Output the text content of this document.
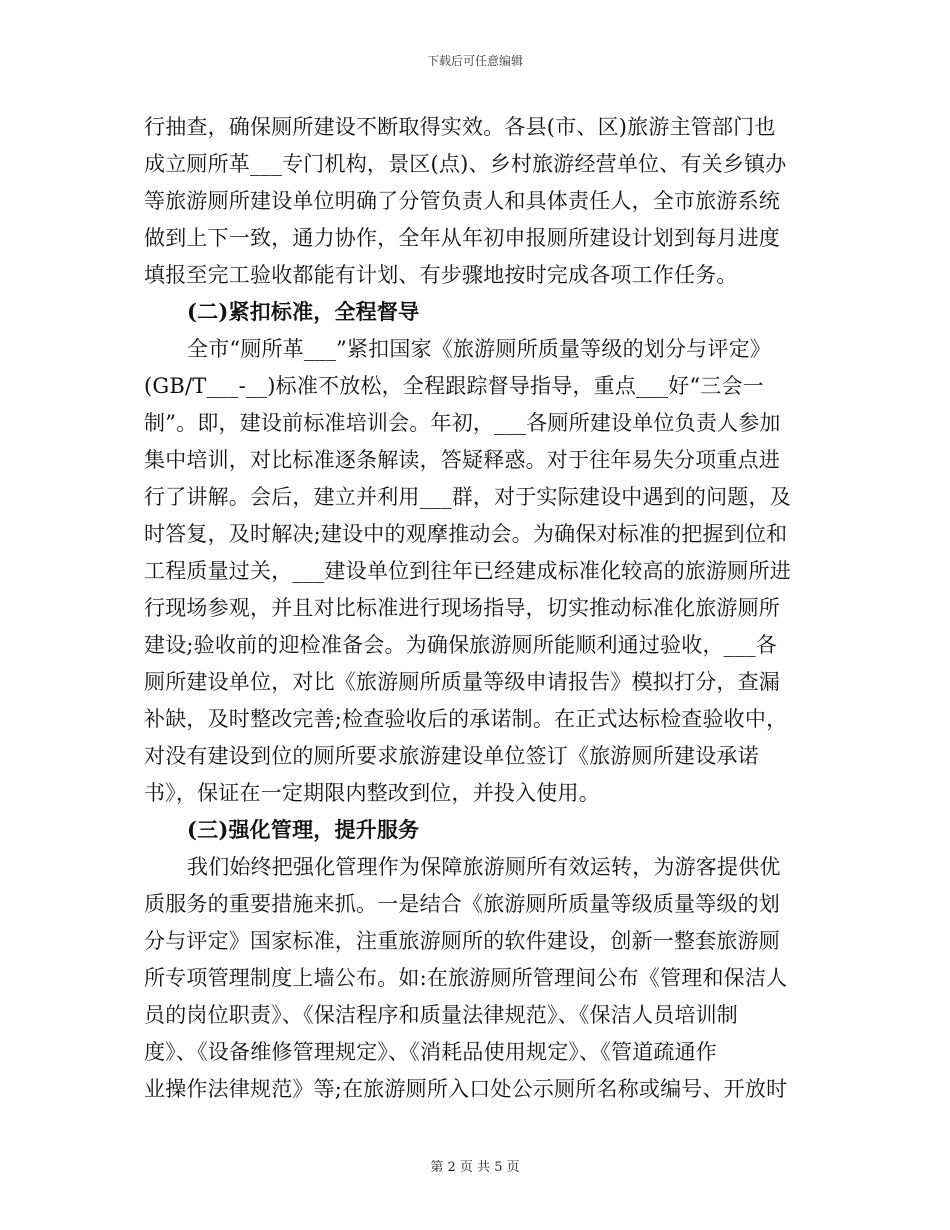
下载后可任意编辑
行抽查，确保厕所建设不断取得实效。各县(市、区)旅游主管部门也
成立厕所革___专门机构，景区(点)、乡村旅游经营单位、有关乡镇办
等旅游厕所建设单位明确了分管负责人和具体责任人，全市旅游系统
做到上下一致，通力协作，全年从年初申报厕所建设计划到每月进度
填报至完工验收都能有计划、有步骤地按时完成各项工作任务。
(二)紧扣标准，全程督导
全市“厕所革___”紧扣国家《旅游厕所质量等级的划分与评定》
(GB/T___-__)标准不放松，全程跟踪督导指导，重点___好“三会一
制”。即，建设前标准培训会。年初，___各厕所建设单位负责人参加
集中培训，对比标准逐条解读，答疑释惑。对于往年易失分项重点进
行了讲解。会后，建立并利用___群，对于实际建设中遇到的问题，及
时答复，及时解决;建设中的观摩推动会。为确保对标准的把握到位和
工程质量过关，___建设单位到往年已经建成标准化较高的旅游厕所进
行现场参观，并且对比标准进行现场指导，切实推动标准化旅游厕所
建设;验收前的迎检准备会。为确保旅游厕所能顺利通过验收，___各
厕所建设单位，对比《旅游厕所质量等级申请报告》模拟打分，查漏
补缺，及时整改完善;检查验收后的承诺制。在正式达标检查验收中，
对没有建设到位的厕所要求旅游建设单位签订《旅游厕所建设承诺
书》，保证在一定期限内整改到位，并投入使用。
(三)强化管理，提升服务
我们始终把强化管理作为保障旅游厕所有效运转，为游客提供优
质服务的重要措施来抓。一是结合《旅游厕所质量等级质量等级的划
分与评定》国家标准，注重旅游厕所的软件建设，创新一整套旅游厕
所专项管理制度上墙公布。如:在旅游厕所管理间公布《管理和保洁人
员的岗位职责》、《保洁程序和质量法律规范》、《保洁人员培训制
度》、《设备维修管理规定》、《消耗品使用规定》、《管道疏通作
业操作法律规范》等;在旅游厕所入口处公示厕所名称或编号、开放时
第 2 页 共 5 页
